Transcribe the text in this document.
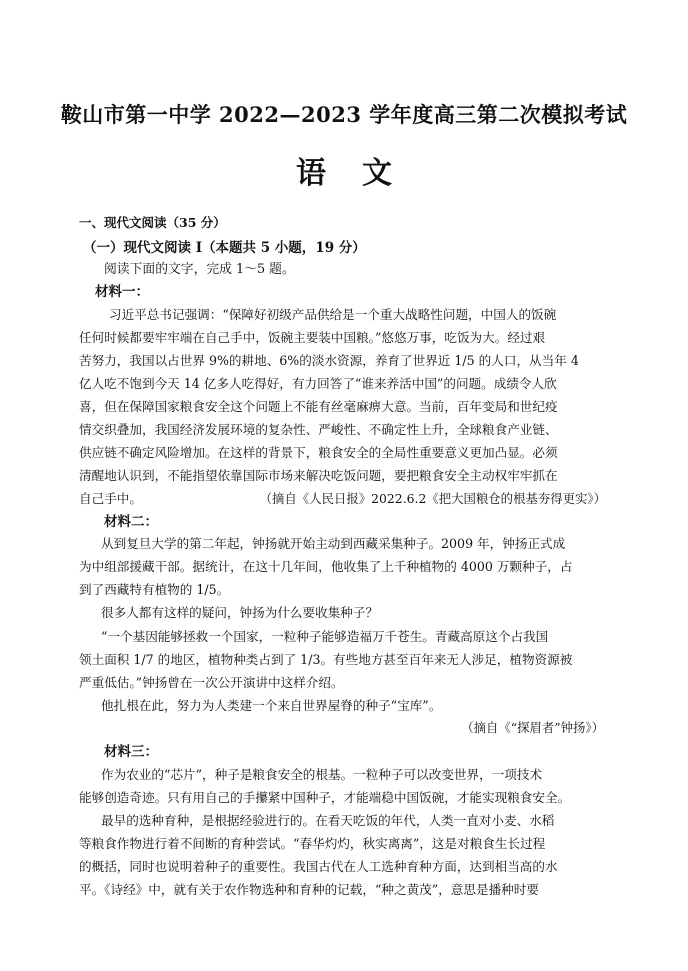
鞍山市第一中学 2022—2023 学年度高三第二次模拟考试
语文
一、现代文阅读（35 分）
（一）现代文阅读 I（本题共 5 小题，19 分）
阅读下面的文字，完成 1～5 题。
材料一：
习近平总书记强调：“保障好初级产品供给是一个重大战略性问题，中国人的饭碗
任何时候都要牢牢端在自己手中，饭碗主要装中国粮。”悠悠万事，吃饭为大。经过艰
苦努力，我国以占世界 9%的耕地、6%的淡水资源，养育了世界近 1/5 的人口，从当年 4
亿人吃不饱到今天 14 亿多人吃得好，有力回答了“谁来养活中国”的问题。成绩令人欣
喜，但在保障国家粮食安全这个问题上不能有丝毫麻痹大意。当前，百年变局和世纪疫
情交织叠加，我国经济发展环境的复杂性、严峻性、不确定性上升，全球粮食产业链、
供应链不确定风险增加。在这样的背景下，粮食安全的全局性重要意义更加凸显。必须
清醒地认识到，不能指望依靠国际市场来解决吃饭问题，要把粮食安全主动权牢牢抓在
自己手中。	（摘自《人民日报》2022.6.2《把大国粮仓的根基夯得更实》）
材料二：
从到复旦大学的第二年起，钟扬就开始主动到西藏采集种子。2009 年，钟扬正式成
为中组部援藏干部。据统计，在这十几年间，他收集了上千种植物的 4000 万颗种子，占
到了西藏特有植物的 1/5。
很多人都有这样的疑问，钟扬为什么要收集种子？
“一个基因能够拯救一个国家，一粒种子能够造福万千苍生。青藏高原这个占我国
领土面积 1/7 的地区，植物种类占到了 1/3。有些地方甚至百年来无人涉足，植物资源被
严重低估。”钟扬曾在一次公开演讲中这样介绍。
他扎根在此，努力为人类建一个来自世界屋脊的种子“宝库”。
（摘自《“探眉者”钟扬》）
材料三：
作为农业的“芯片”，种子是粮食安全的根基。一粒种子可以改变世界，一项技术
能够创造奇迹。只有用自己的手攥紧中国种子，才能端稳中国饭碗，才能实现粮食安全。
最早的选种育种，是根据经验进行的。在看天吃饭的年代，人类一直对小麦、水稻
等粮食作物进行着不间断的育种尝试。“春华灼灼，秋实离离”，这是对粮食生长过程
的概括，同时也说明着种子的重要性。我国古代在人工选种育种方面，达到相当高的水
平。《诗经》中，就有关于农作物选种和育种的记载，“种之黄茂”，意思是播种时要
